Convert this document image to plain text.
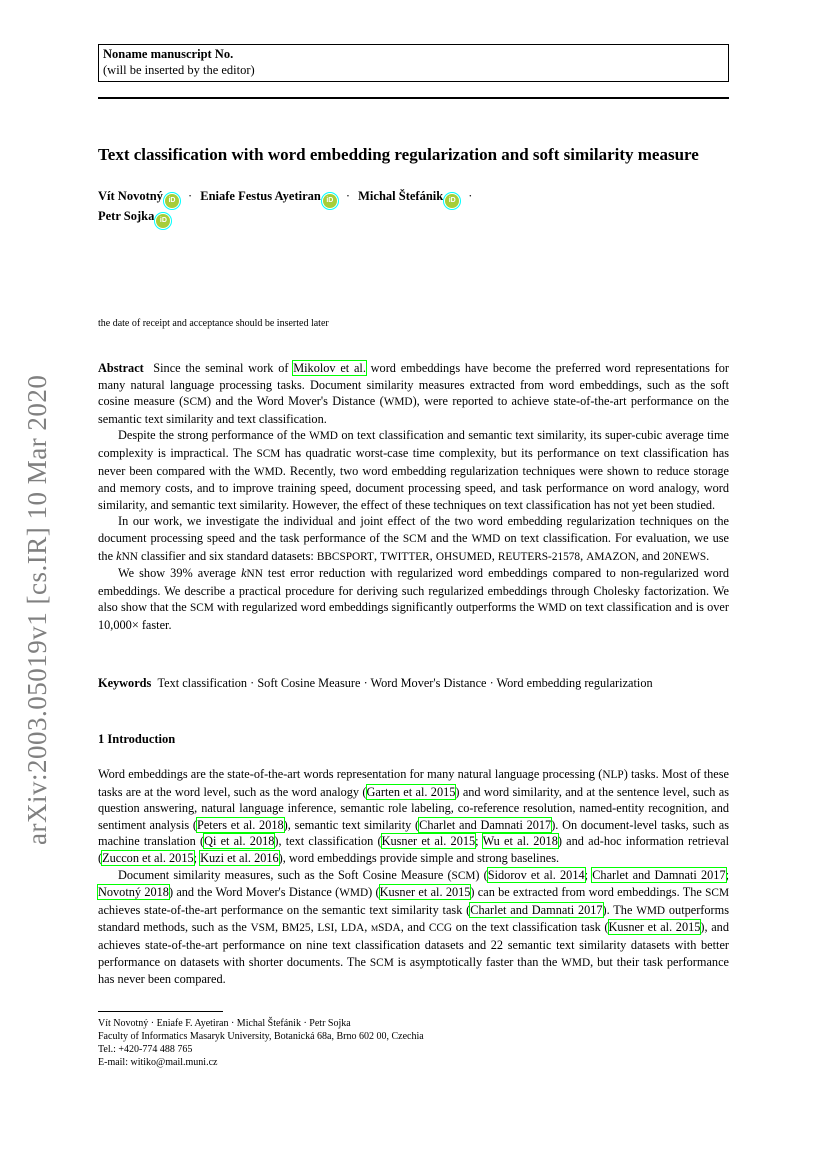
arXiv:2003.05019v1 [cs.IR] 10 Mar 2020
Noname manuscript No.
(will be inserted by the editor)
Text classification with word embedding regularization and soft similarity measure
Vít Novotný iD · Eniafe Festus Ayetiran iD · Michal Štefánik iD ·
Petr Sojka iD
the date of receipt and acceptance should be inserted later

Abstract Since the seminal work of Mikolov et al. word embeddings have become the preferred word representations for many natural language processing tasks. Document similarity measures extracted from word embeddings, such as the soft cosine measure (SCM) and the Word Mover's Distance (WMD), were reported to achieve state-of-the-art performance on the semantic text similarity and text classification.

Despite the strong performance of the WMD on text classification and semantic text similarity, its super-cubic average time complexity is impractical. The SCM has quadratic worst-case time complexity, but its performance on text classification has never been compared with the WMD. Recently, two word embedding regularization techniques were shown to reduce storage and memory costs, and to improve training speed, document processing speed, and task performance on word analogy, word similarity, and semantic text similarity. However, the effect of these techniques on text classification has not yet been studied.

In our work, we investigate the individual and joint effect of the two word embedding regularization techniques on the document processing speed and the task performance of the SCM and the WMD on text classification. For evaluation, we use the kNN classifier and six standard datasets: BBCSPORT, TWITTER, OHSUMED, REUTERS-21578, AMAZON, and 20NEWS.

We show 39% average kNN test error reduction with regularized word embeddings compared to non-regularized word embeddings. We describe a practical procedure for deriving such regularized embeddings through Cholesky factorization. We also show that the SCM with regularized word embeddings significantly outperforms the WMD on text classification and is over 10,000× faster.

Keywords Text classification · Soft Cosine Measure · Word Mover's Distance · Word embedding regularization
1 Introduction

Word embeddings are the state-of-the-art words representation for many natural language processing (NLP) tasks. Most of these tasks are at the word level, such as the word analogy (Garten et al. 2015) and word similarity, and at the sentence level, such as question answering, natural language inference, semantic role labeling, co-reference resolution, named-entity recognition, and sentiment analysis (Peters et al. 2018), semantic text similarity (Charlet and Damnati 2017). On document-level tasks, such as machine translation (Qi et al. 2018), text classification (Kusner et al. 2015; Wu et al. 2018) and ad-hoc information retrieval (Zuccon et al. 2015; Kuzi et al. 2016), word embeddings provide simple and strong baselines.

Document similarity measures, such as the Soft Cosine Measure (SCM) (Sidorov et al. 2014; Charlet and Damnati 2017; Novotný 2018) and the Word Mover's Distance (WMD) (Kusner et al. 2015) can be extracted from word embeddings. The SCM achieves state-of-the-art performance on the semantic text similarity task (Charlet and Damnati 2017). The WMD outperforms standard methods, such as the VSM, BM25, LSI, LDA, mSDA, and CCG on the text classification task (Kusner et al. 2015), and achieves state-of-the-art performance on nine text classification datasets and 22 semantic text similarity datasets with better performance on datasets with shorter documents. The SCM is asymptotically faster than the WMD, but their task performance has never been compared.

Vít Novotný · Eniafe F. Ayetiran · Michal Štefánik · Petr Sojka
Faculty of Informatics Masaryk University, Botanická 68a, Brno 602 00, Czechia
Tel.: +420-774 488 765
E-mail: witiko@mail.muni.cz
